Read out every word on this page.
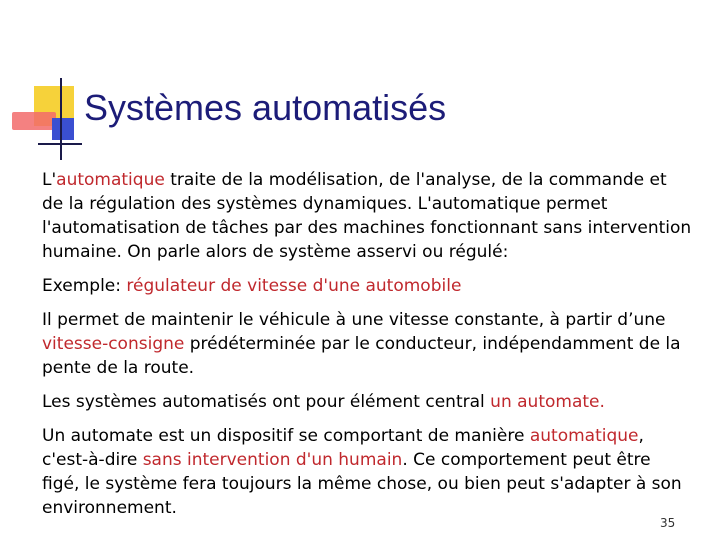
Systèmes automatisés

L'automatique traite de la modélisation, de l'analyse, de la commande et de la régulation des systèmes dynamiques. L'automatique permet l'automatisation de tâches par des machines fonctionnant sans intervention humaine. On parle alors de système asservi ou régulé:

Exemple: régulateur de vitesse d'une automobile

Il permet de maintenir le véhicule à une vitesse constante, à partir d’une vitesse-consigne prédéterminée par le conducteur, indépendamment de la pente de la route.

Les systèmes automatisés ont pour élément central un automate.

Un automate est un dispositif se comportant de manière automatique, c'est-à-dire sans intervention d'un humain. Ce comportement peut être figé, le système fera toujours la même chose, ou bien peut s'adapter à son environnement.

35
